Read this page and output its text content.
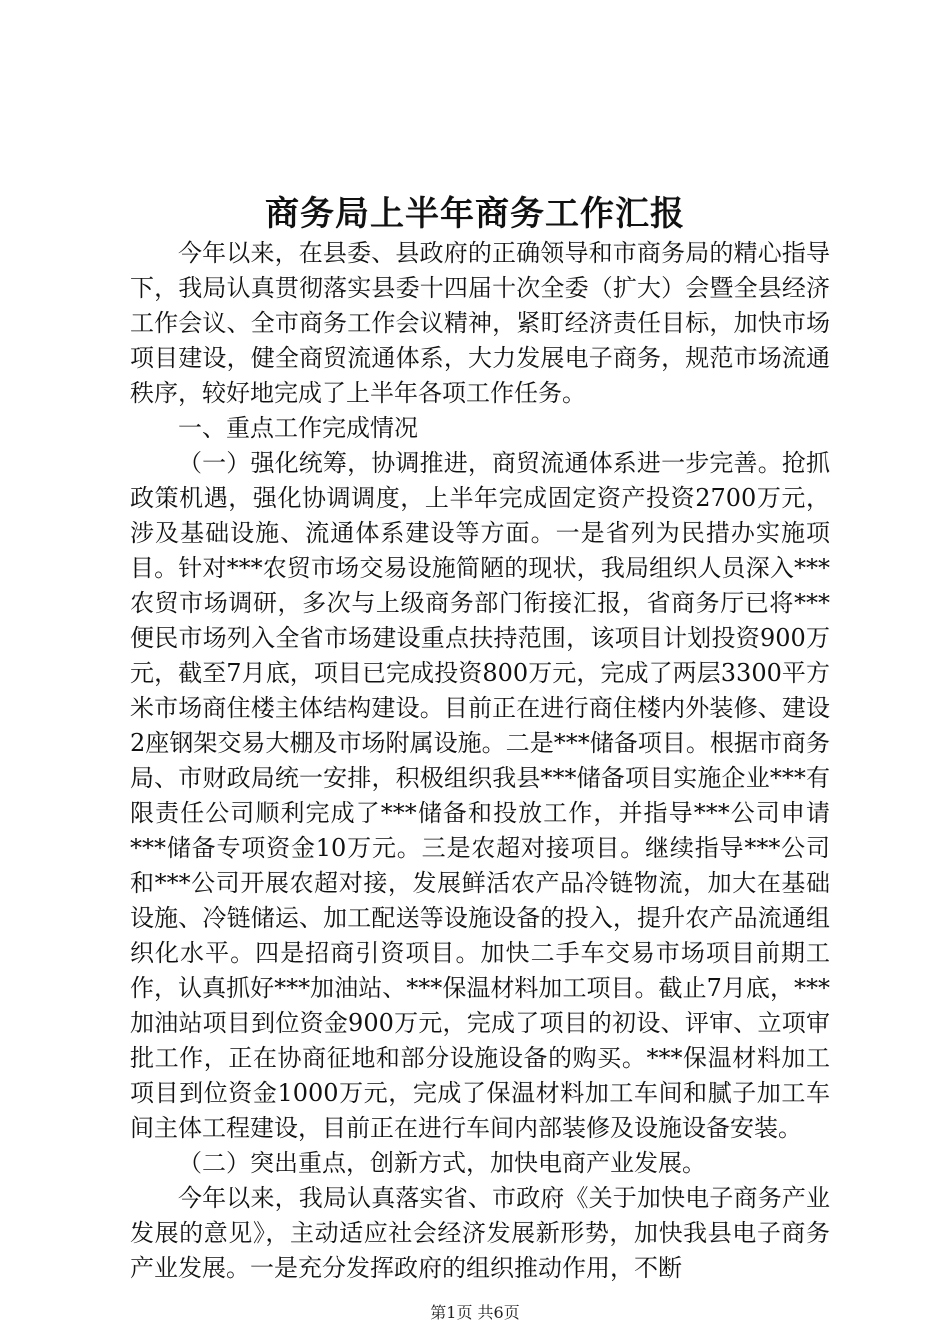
商务局上半年商务工作汇报

今年以来，在县委、县政府的正确领导和市商务局的精心指导下，我局认真贯彻落实县委十四届十次全委（扩大）会暨全县经济工作会议、全市商务工作会议精神，紧盯经济责任目标，加快市场项目建设，健全商贸流通体系，大力发展电子商务，规范市场流通秩序，较好地完成了上半年各项工作任务。

一、重点工作完成情况

（一）强化统筹，协调推进，商贸流通体系进一步完善。抢抓政策机遇，强化协调调度，上半年完成固定资产投资2700万元，涉及基础设施、流通体系建设等方面。一是省列为民措办实施项目。针对***农贸市场交易设施简陋的现状，我局组织人员深入***农贸市场调研，多次与上级商务部门衔接汇报，省商务厅已将***便民市场列入全省市场建设重点扶持范围，该项目计划投资900万元，截至7月底，项目已完成投资800万元，完成了两层3300平方米市场商住楼主体结构建设。目前正在进行商住楼内外装修、建设2座钢架交易大棚及市场附属设施。二是***储备项目。根据市商务局、市财政局统一安排，积极组织我县***储备项目实施企业***有限责任公司顺利完成了***储备和投放工作，并指导***公司申请***储备专项资金10万元。三是农超对接项目。继续指导***公司和***公司开展农超对接，发展鲜活农产品冷链物流，加大在基础设施、冷链储运、加工配送等设施设备的投入，提升农产品流通组织化水平。四是招商引资项目。加快二手车交易市场项目前期工作，认真抓好***加油站、***保温材料加工项目。截止7月底，***加油站项目到位资金900万元，完成了项目的初设、评审、立项审批工作，正在协商征地和部分设施设备的购买。***保温材料加工项目到位资金1000万元，完成了保温材料加工车间和腻子加工车间主体工程建设，目前正在进行车间内部装修及设施设备安装。

（二）突出重点，创新方式，加快电商产业发展。

今年以来，我局认真落实省、市政府《关于加快电子商务产业发展的意见》，主动适应社会经济发展新形势，加快我县电子商务产业发展。一是充分发挥政府的组织推动作用，不断

第1页 共6页
